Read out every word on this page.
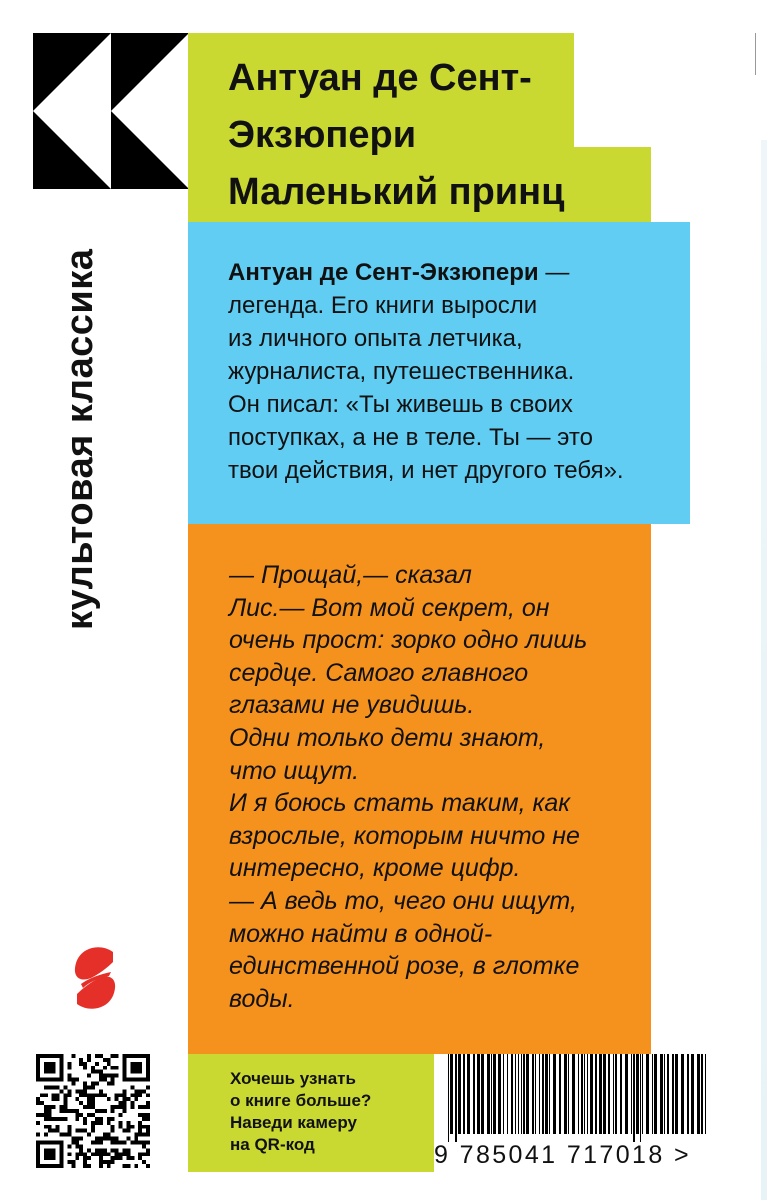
культовая классика
Антуан де Сент-
Экзюпери
Маленький принц

Антуан де Сент-Экзюпери —
легенда. Его книги выросли
из личного опыта летчика,
журналиста, путешественника.
Он писал: «Ты живешь в своих
поступках, а не в теле. Ты — это
твои действия, и нет другого тебя».

— Прощай,— сказал
Лис.— Вот мой секрет, он
очень прост: зорко одно лишь
сердце. Самого главного
глазами не увидишь.
Одни только дети знают,
что ищут.
И я боюсь стать таким, как
взрослые, которым ничто не
интересно, кроме цифр.
— А ведь то, чего они ищут,
можно найти в одной-
единственной розе, в глотке
воды.

Хочешь узнать
о книге больше?
Наведи камеру
на QR-код	9 785041 717018 >
